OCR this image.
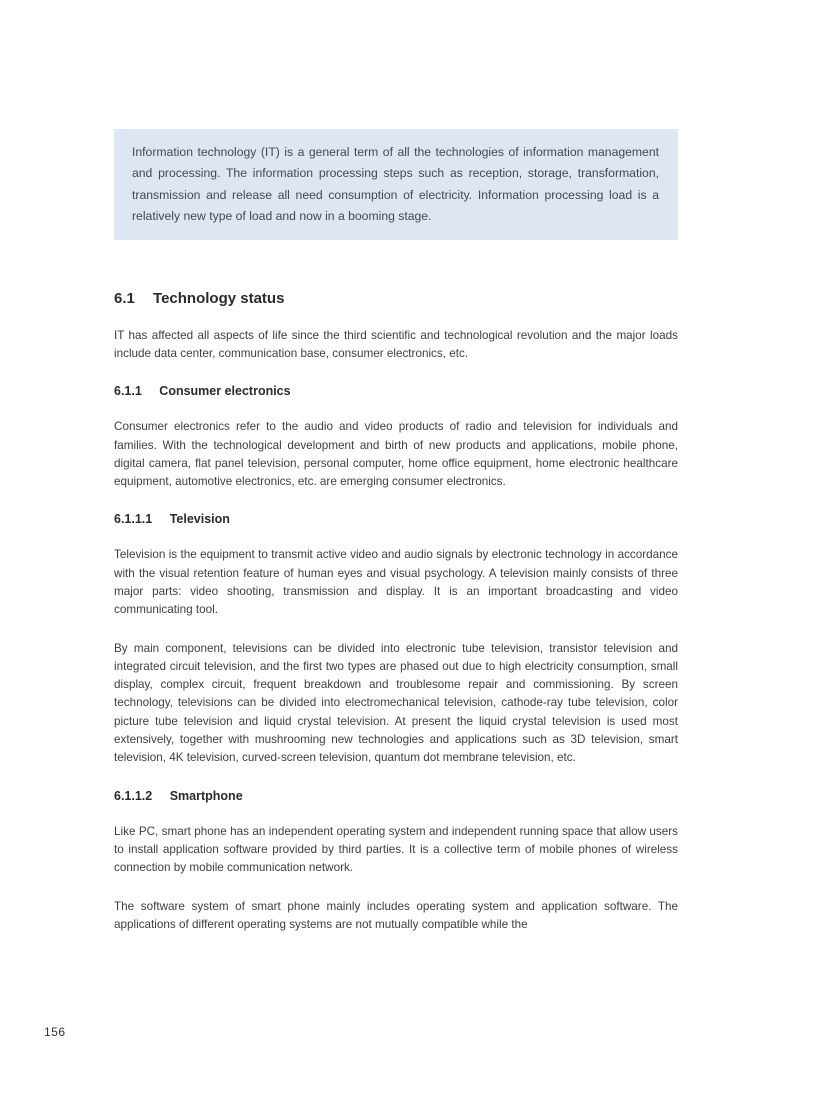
Information technology (IT) is a general term of all the technologies of information management and processing. The information processing steps such as reception, storage, transformation, transmission and release all need consumption of electricity. Information processing load is a relatively new type of load and now in a booming stage.

6.1 Technology status

IT has affected all aspects of life since the third scientific and technological revolution and the major loads include data center, communication base, consumer electronics, etc.

6.1.1 Consumer electronics

Consumer electronics refer to the audio and video products of radio and television for individuals and families. With the technological development and birth of new products and applications, mobile phone, digital camera, flat panel television, personal computer, home office equipment, home electronic healthcare equipment, automotive electronics, etc. are emerging consumer electronics.

6.1.1.1 Television

Television is the equipment to transmit active video and audio signals by electronic technology in accordance with the visual retention feature of human eyes and visual psychology. A television mainly consists of three major parts: video shooting, transmission and display. It is an important broadcasting and video communicating tool.

By main component, televisions can be divided into electronic tube television, transistor television and integrated circuit television, and the first two types are phased out due to high electricity consumption, small display, complex circuit, frequent breakdown and troublesome repair and commissioning. By screen technology, televisions can be divided into electromechanical television, cathode-ray tube television, color picture tube television and liquid crystal television. At present the liquid crystal television is used most extensively, together with mushrooming new technologies and applications such as 3D television, smart television, 4K television, curved-screen television, quantum dot membrane television, etc.

6.1.1.2 Smartphone

Like PC, smart phone has an independent operating system and independent running space that allow users to install application software provided by third parties. It is a collective term of mobile phones of wireless connection by mobile communication network.

The software system of smart phone mainly includes operating system and application software. The applications of different operating systems are not mutually compatible while the

156
